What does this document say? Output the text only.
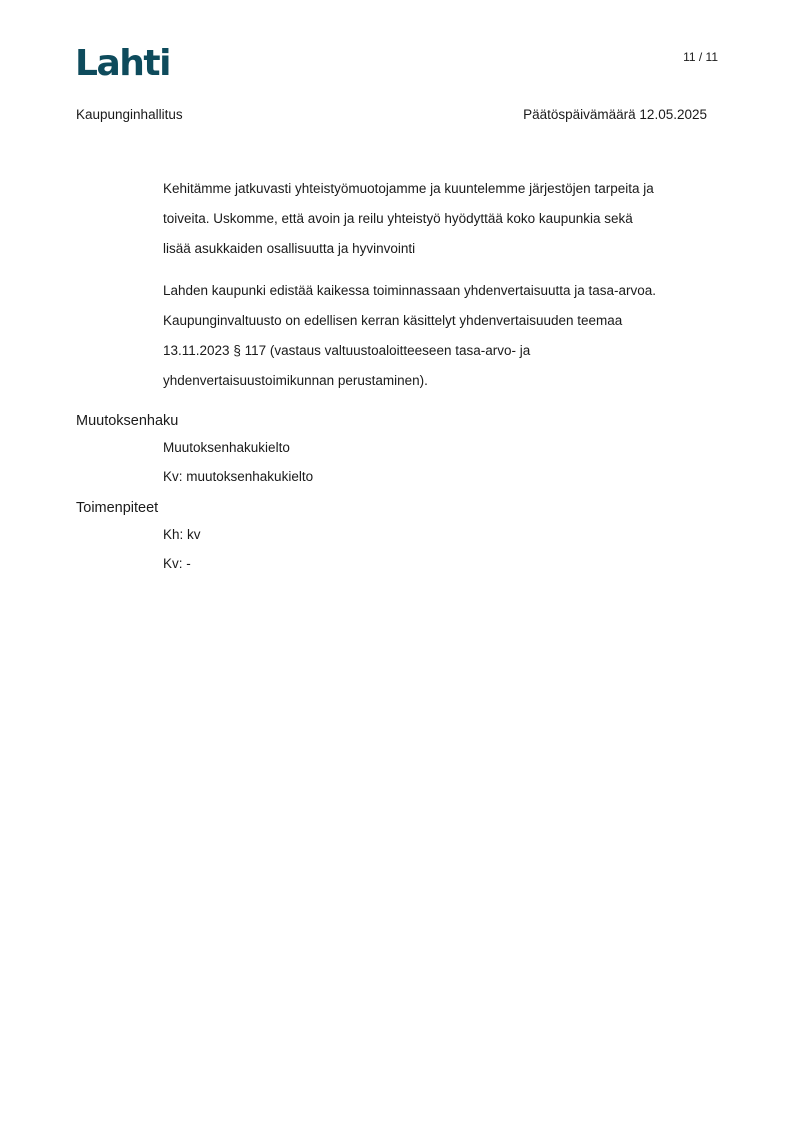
Lahti	11 / 11
Kaupunginhallitus	Päätöspäivämäärä 12.05.2025
Kehitämme jatkuvasti yhteistyömuotojamme ja kuuntelemme järjestöjen tarpeita ja
toiveita. Uskomme, että avoin ja reilu yhteistyö hyödyttää koko kaupunkia sekä
lisää asukkaiden osallisuutta ja hyvinvointi
Lahden kaupunki edistää kaikessa toiminnassaan yhdenvertaisuutta ja tasa-arvoa.
Kaupunginvaltuusto on edellisen kerran käsittelyt yhdenvertaisuuden teemaa
13.11.2023 § 117 (vastaus valtuustoaloitteeseen tasa-arvo- ja
yhdenvertaisuustoimikunnan perustaminen).
Muutoksenhaku
Muutoksenhakukielto
Kv: muutoksenhakukielto
Toimenpiteet
Kh: kv
Kv: -
